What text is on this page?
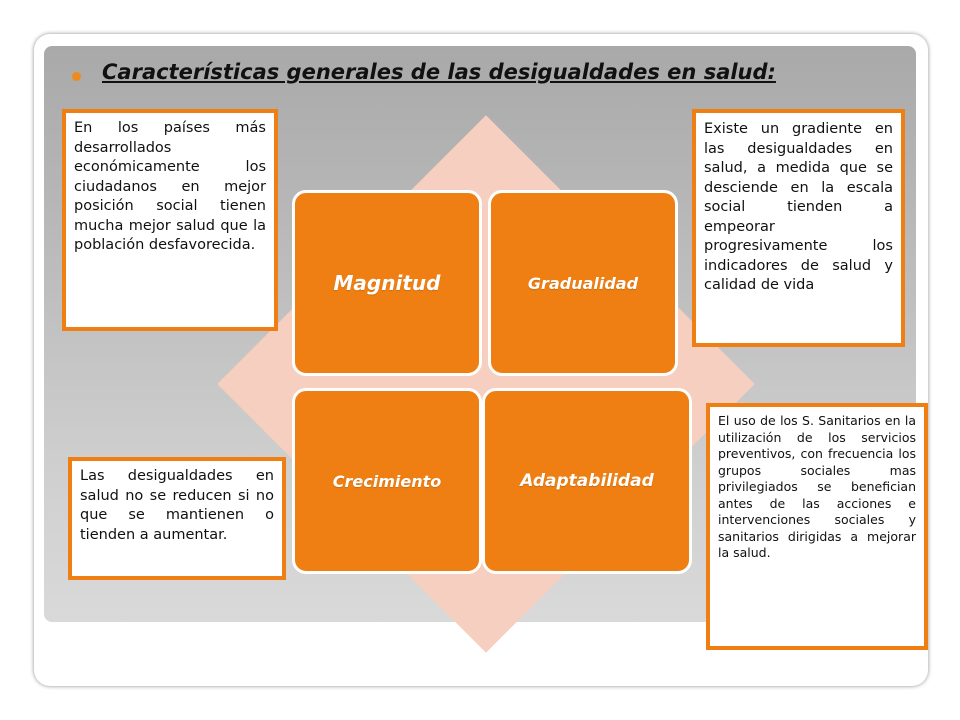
Características generales de las desigualdades en salud:
Magnitud	Gradualidad
Crecimiento	Adaptabilidad
En los países más desarrollados económicamente los ciudadanos en mejor posición social tienen mucha mejor salud que la población desfavorecida.
Existe un gradiente en las desigualdades en salud, a medida que se desciende en la escala social tienden a empeorar progresivamente los indicadores de salud y calidad de vida
Las desigualdades en salud no se reducen si no que se mantienen o tienden a aumentar.
El uso de los S. Sanitarios en la utilización de los servicios preventivos, con frecuencia los grupos sociales mas privilegiados se benefician antes de las acciones e intervenciones sociales y sanitarios dirigidas a mejorar la salud.
